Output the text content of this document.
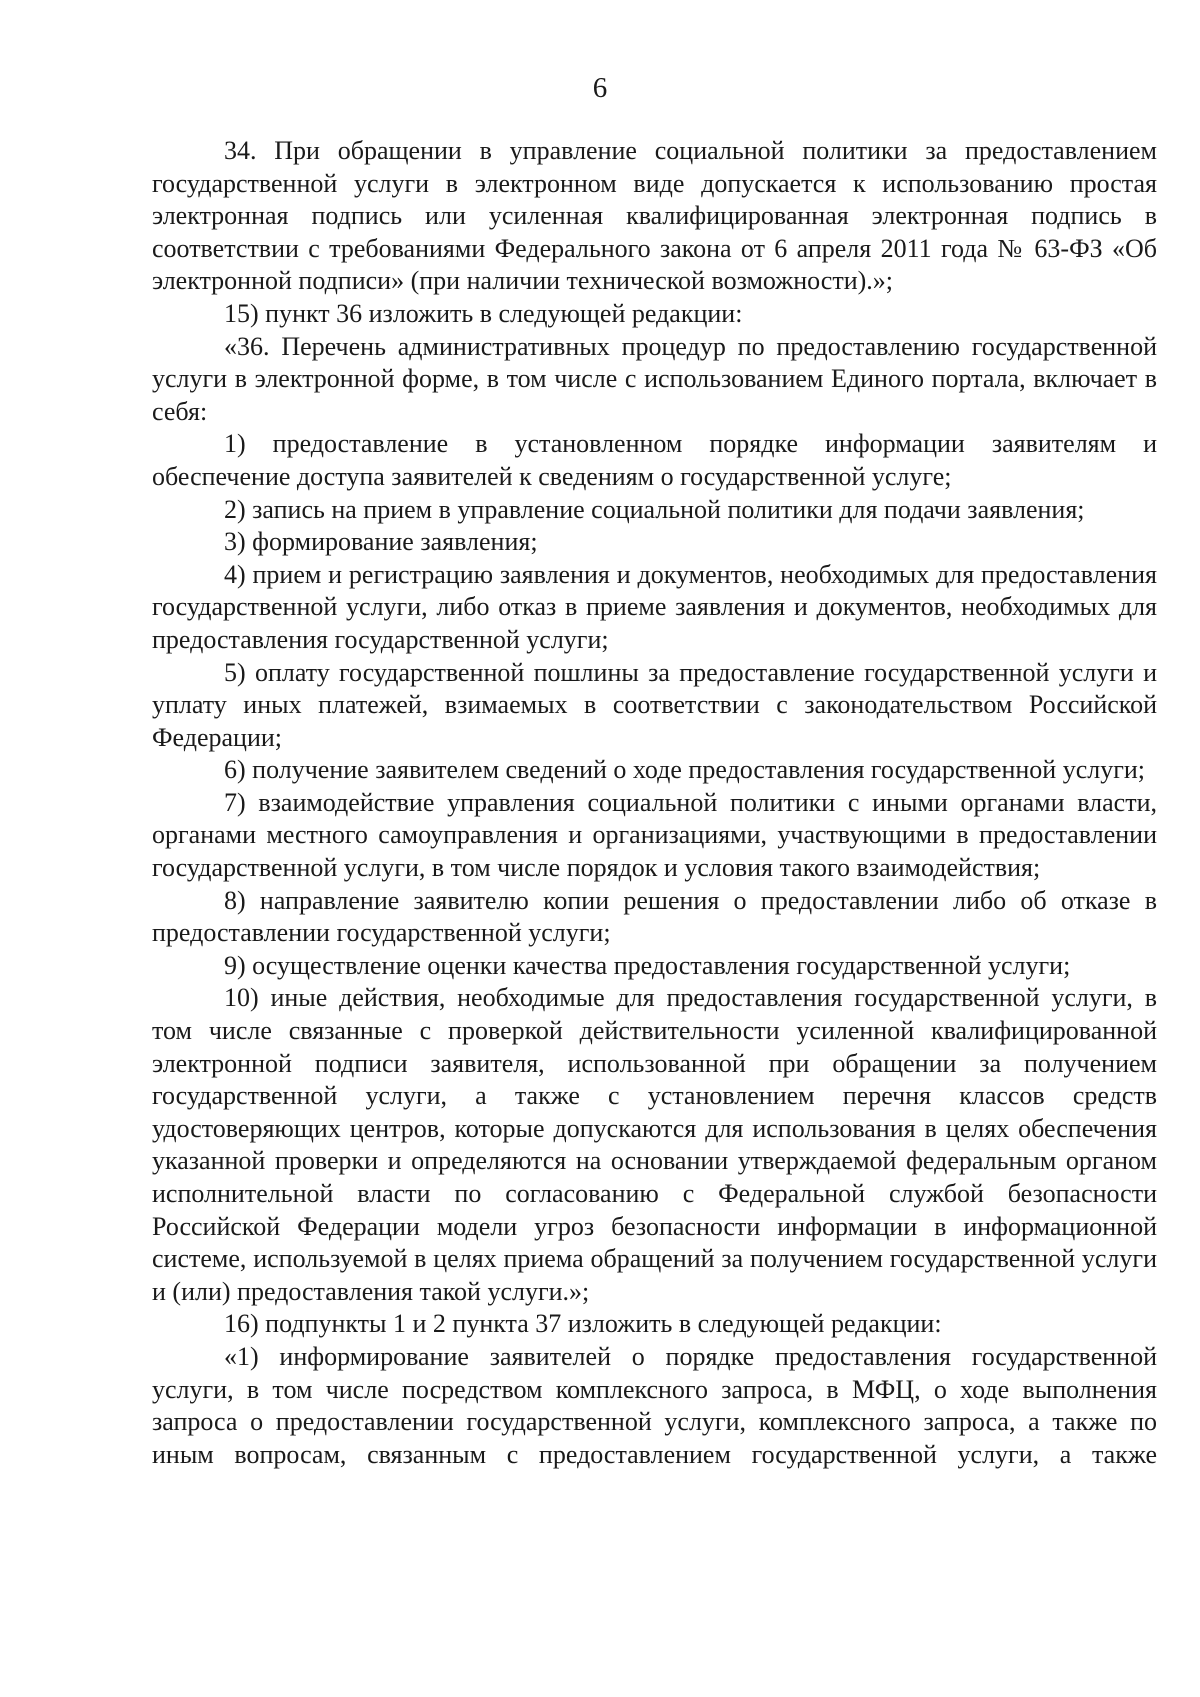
6

34. При обращении в управление социальной политики за предоставлением государственной услуги в электронном виде допускается к использованию простая электронная подпись или усиленная квалифицированная электронная подпись в соответствии с требованиями Федерального закона от 6 апреля 2011 года № 63-ФЗ «Об электронной подписи» (при наличии технической возможности).»;

15) пункт 36 изложить в следующей редакции:

«36. Перечень административных процедур по предоставлению государственной услуги в электронной форме, в том числе с использованием Единого портала, включает в себя:

1) предоставление в установленном порядке информации заявителям и обеспечение доступа заявителей к сведениям о государственной услуге;

2) запись на прием в управление социальной политики для подачи заявления;

3) формирование заявления;

4) прием и регистрацию заявления и документов, необходимых для предоставления государственной услуги, либо отказ в приеме заявления и документов, необходимых для предоставления государственной услуги;

5) оплату государственной пошлины за предоставление государственной услуги и уплату иных платежей, взимаемых в соответствии с законодательством Российской Федерации;

6) получение заявителем сведений о ходе предоставления государственной услуги;

7) взаимодействие управления социальной политики с иными органами власти, органами местного самоуправления и организациями, участвующими в предоставлении государственной услуги, в том числе порядок и условия такого взаимодействия;

8) направление заявителю копии решения о предоставлении либо об отказе в предоставлении государственной услуги;

9) осуществление оценки качества предоставления государственной услуги;

10) иные действия, необходимые для предоставления государственной услуги, в том числе связанные с проверкой действительности усиленной квалифицированной электронной подписи заявителя, использованной при обращении за получением государственной услуги, а также с установлением перечня классов средств удостоверяющих центров, которые допускаются для использования в целях обеспечения указанной проверки и определяются на основании утверждаемой федеральным органом исполнительной власти по согласованию с Федеральной службой безопасности Российской Федерации модели угроз безопасности информации в информационной системе, используемой в целях приема обращений за получением государственной услуги и (или) предоставления такой услуги.»;

16) подпункты 1 и 2 пункта 37 изложить в следующей редакции:

«1) информирование заявителей о порядке предоставления государственной услуги, в том числе посредством комплексного запроса, в МФЦ, о ходе выполнения запроса о предоставлении государственной услуги, комплексного запроса, а также по иным вопросам, связанным с предоставлением государственной услуги, а также
